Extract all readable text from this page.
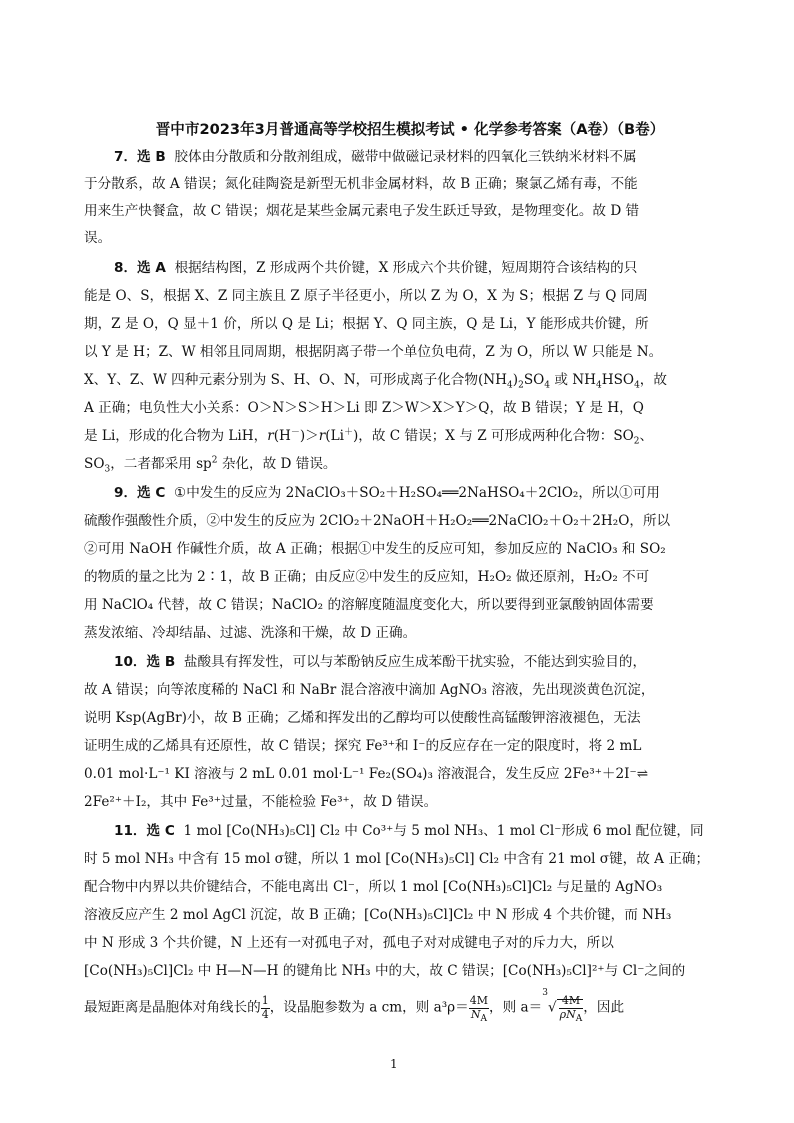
晋中市2023年3月普通高等学校招生模拟考试 • 化学参考答案（A卷）（B卷）
7．选 B 胶体由分散质和分散剂组成，磁带中做磁记录材料的四氧化三铁纳米材料不属
于分散系，故 A 错误；氮化硅陶瓷是新型无机非金属材料，故 B 正确；聚氯乙烯有毒，不能
用来生产快餐盒，故 C 错误；烟花是某些金属元素电子发生跃迁导致，是物理变化。故 D 错
误。
8．选 A 根据结构图，Z 形成两个共价键，X 形成六个共价键，短周期符合该结构的只
能是 O、S，根据 X、Z 同主族且 Z 原子半径更小，所以 Z 为 O，X 为 S；根据 Z 与 Q 同周
期，Z 是 O，Q 显＋1 价，所以 Q 是 Li；根据 Y、Q 同主族，Q 是 Li，Y 能形成共价键，所
以 Y 是 H；Z、W 相邻且同周期，根据阴离子带一个单位负电荷，Z 为 O，所以 W 只能是 N。
X、Y、Z、W 四种元素分别为 S、H、O、N，可形成离子化合物$(NH_4)_2SO_4$ 或 $NH_4HSO_4$，故
A 正确；电负性大小关系：O＞N＞S＞H＞Li 即 Z＞W＞X＞Y＞Q，故 B 错误；Y 是 H，Q
是 Li，形成的化合物为 LiH，r(H－)＞r(Li＋)，故 C 错误；X 与 Z 可形成两种化合物：$SO_2$、
$SO_3$，二者都采用 $sp^2$ 杂化，故 D 错误。
9．选 C ①中发生的反应为 2NaClO₃＋SO₂＋H₂SO₄══2NaHSO₄＋2ClO₂，所以①可用
硫酸作强酸性介质，②中发生的反应为 2ClO₂＋2NaOH＋H₂O₂══2NaClO₂＋O₂＋2H₂O，所以
②可用 NaOH 作碱性介质，故 A 正确；根据①中发生的反应可知，参加反应的 NaClO₃ 和 SO₂
的物质的量之比为 2∶1，故 B 正确；由反应②中发生的反应知，H₂O₂ 做还原剂，H₂O₂ 不可
用 NaClO₄ 代替，故 C 错误；NaClO₂ 的溶解度随温度变化大，所以要得到亚氯酸钠固体需要
蒸发浓缩、冷却结晶、过滤、洗涤和干燥，故 D 正确。
10．选 B 盐酸具有挥发性，可以与苯酚钠反应生成苯酚干扰实验，不能达到实验目的，
故 A 错误；向等浓度稀的 NaCl 和 NaBr 混合溶液中滴加 AgNO₃ 溶液，先出现淡黄色沉淀，
说明 Ksp(AgBr)小，故 B 正确；乙烯和挥发出的乙醇均可以使酸性高锰酸钾溶液褪色，无法
证明生成的乙烯具有还原性，故 C 错误；探究 Fe³⁺和 I⁻的反应存在一定的限度时，将 2 mL
0.01 mol·L⁻¹ KI 溶液与 2 mL 0.01 mol·L⁻¹ Fe₂(SO₄)₃ 溶液混合，发生反应 2Fe³⁺＋2I⁻⇌
2Fe²⁺＋I₂，其中 Fe³⁺过量，不能检验 Fe³⁺，故 D 错误。
11．选 C 1 mol [Co(NH₃)₅Cl] Cl₂ 中 Co³⁺与 5 mol NH₃、1 mol Cl⁻形成 6 mol 配位键，同
时 5 mol NH₃ 中含有 15 mol σ键，所以 1 mol [Co(NH₃)₅Cl] Cl₂ 中含有 21 mol σ键，故 A 正确；
配合物中内界以共价键结合，不能电离出 Cl⁻，所以 1 mol [Co(NH₃)₅Cl]Cl₂ 与足量的 AgNO₃
溶液反应产生 2 mol AgCl 沉淀，故 B 正确；[Co(NH₃)₅Cl]Cl₂ 中 N 形成 4 个共价键，而 NH₃
中 N 形成 3 个共价键，N 上还有一对孤电子对，孤电子对对成键电子对的斥力大，所以
[Co(NH₃)₅Cl]Cl₂ 中 H—N—H 的键角比 NH₃ 中的大，故 C 错误；[Co(NH₃)₅Cl]²⁺与 Cl⁻之间的
最短距离是晶胞体对角线长的 $\frac{1}{4}$ ，设晶胞参数为 a cm，则 $a^3\rho= \frac{4M}{N_A}$ ，则 $a=^3√ \frac{4M}{\rho N_A}$ ，因此
1
